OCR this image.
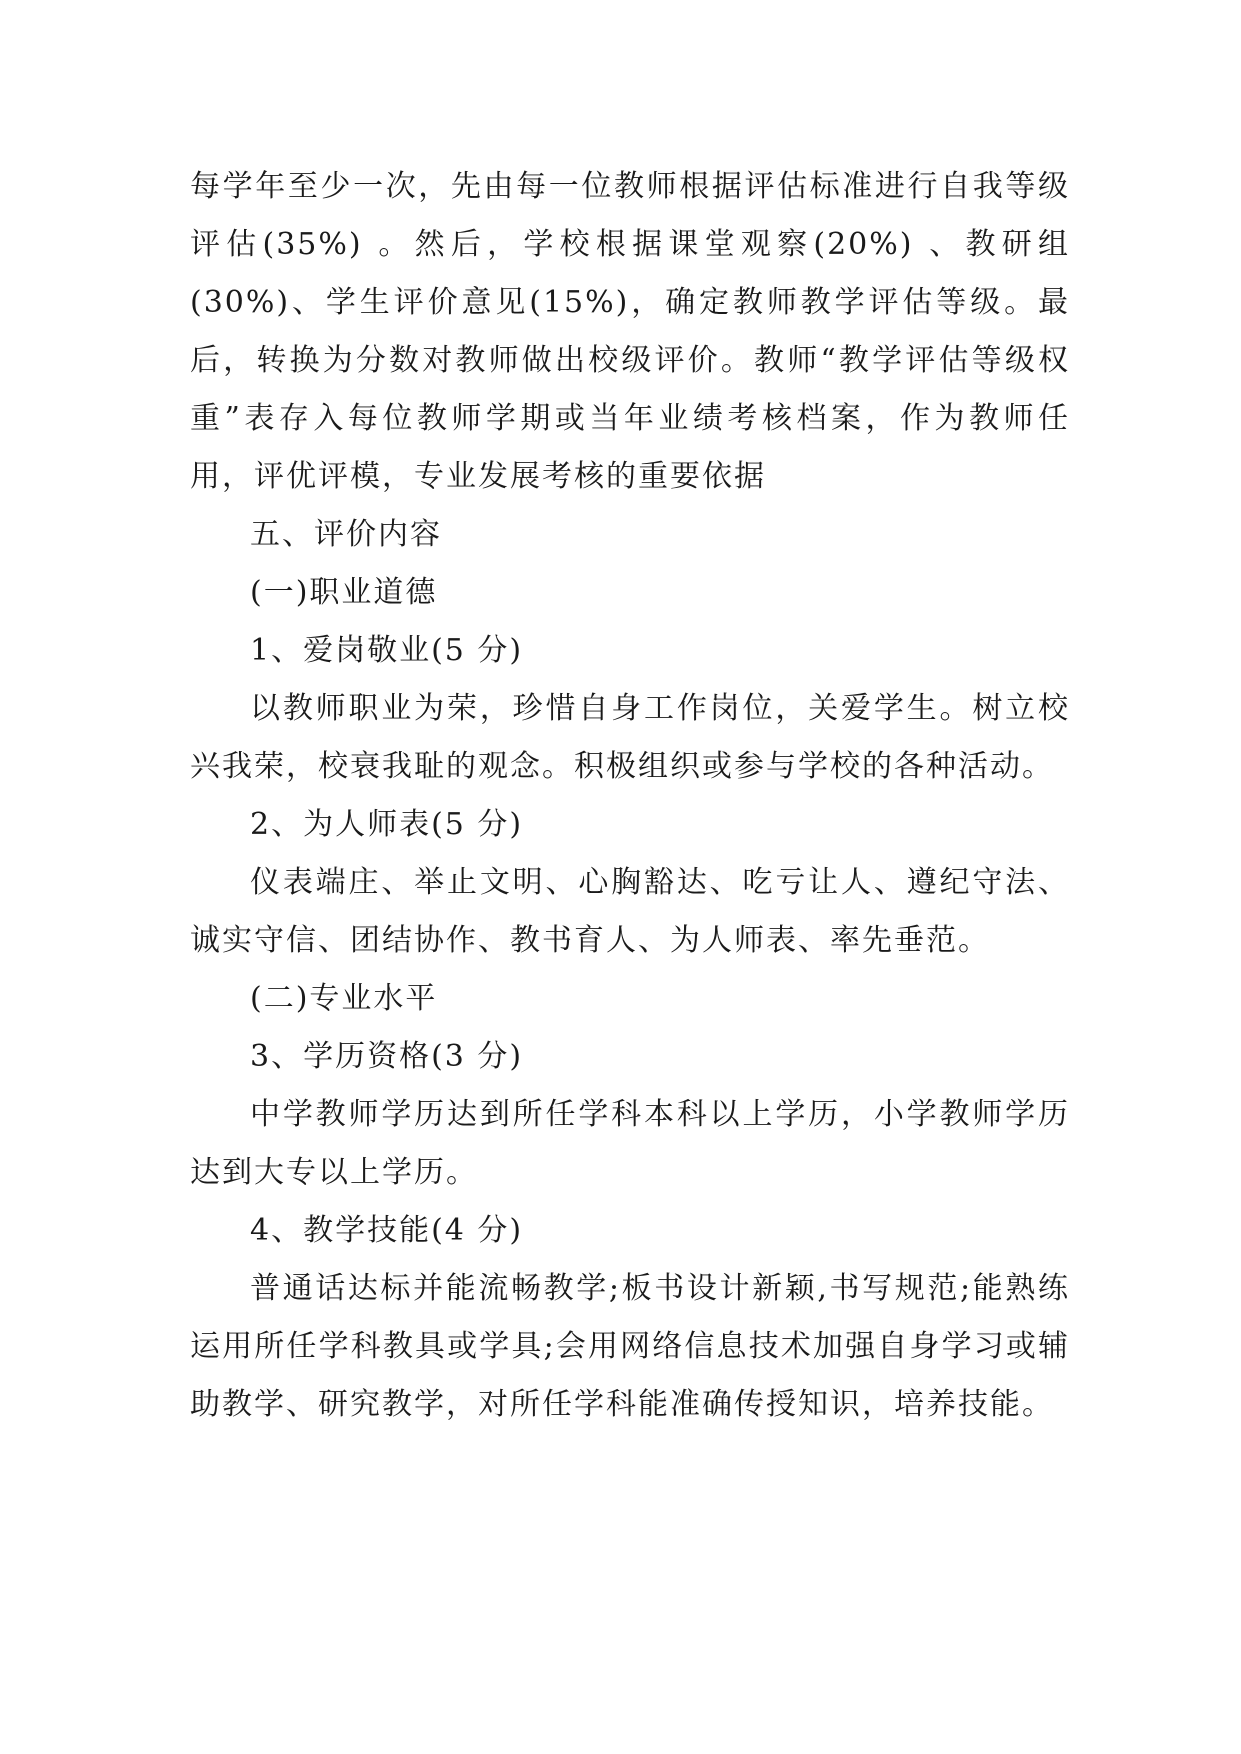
每学年至少一次，先由每一位教师根据评估标准进行自我等级评估(35%) 。然后，学校根据课堂观察(20%) 、教研组(30%)、学生评价意见(15%)，确定教师教学评估等级。最后，转换为分数对教师做出校级评价。教师“教学评估等级权重”表存入每位教师学期或当年业绩考核档案，作为教师任用，评优评模，专业发展考核的重要依据

五、评价内容

(一)职业道德

1、爱岗敬业(5 分)

以教师职业为荣，珍惜自身工作岗位，关爱学生。树立校兴我荣，校衰我耻的观念。积极组织或参与学校的各种活动。

2、为人师表(5 分)

仪表端庄、举止文明、心胸豁达、吃亏让人、遵纪守法、诚实守信、团结协作、教书育人、为人师表、率先垂范。

(二)专业水平

3、学历资格(3 分)

中学教师学历达到所任学科本科以上学历，小学教师学历达到大专以上学历。

4、教学技能(4 分)

普通话达标并能流畅教学;板书设计新颖,书写规范;能熟练运用所任学科教具或学具;会用网络信息技术加强自身学习或辅助教学、研究教学，对所任学科能准确传授知识，培养技能。
